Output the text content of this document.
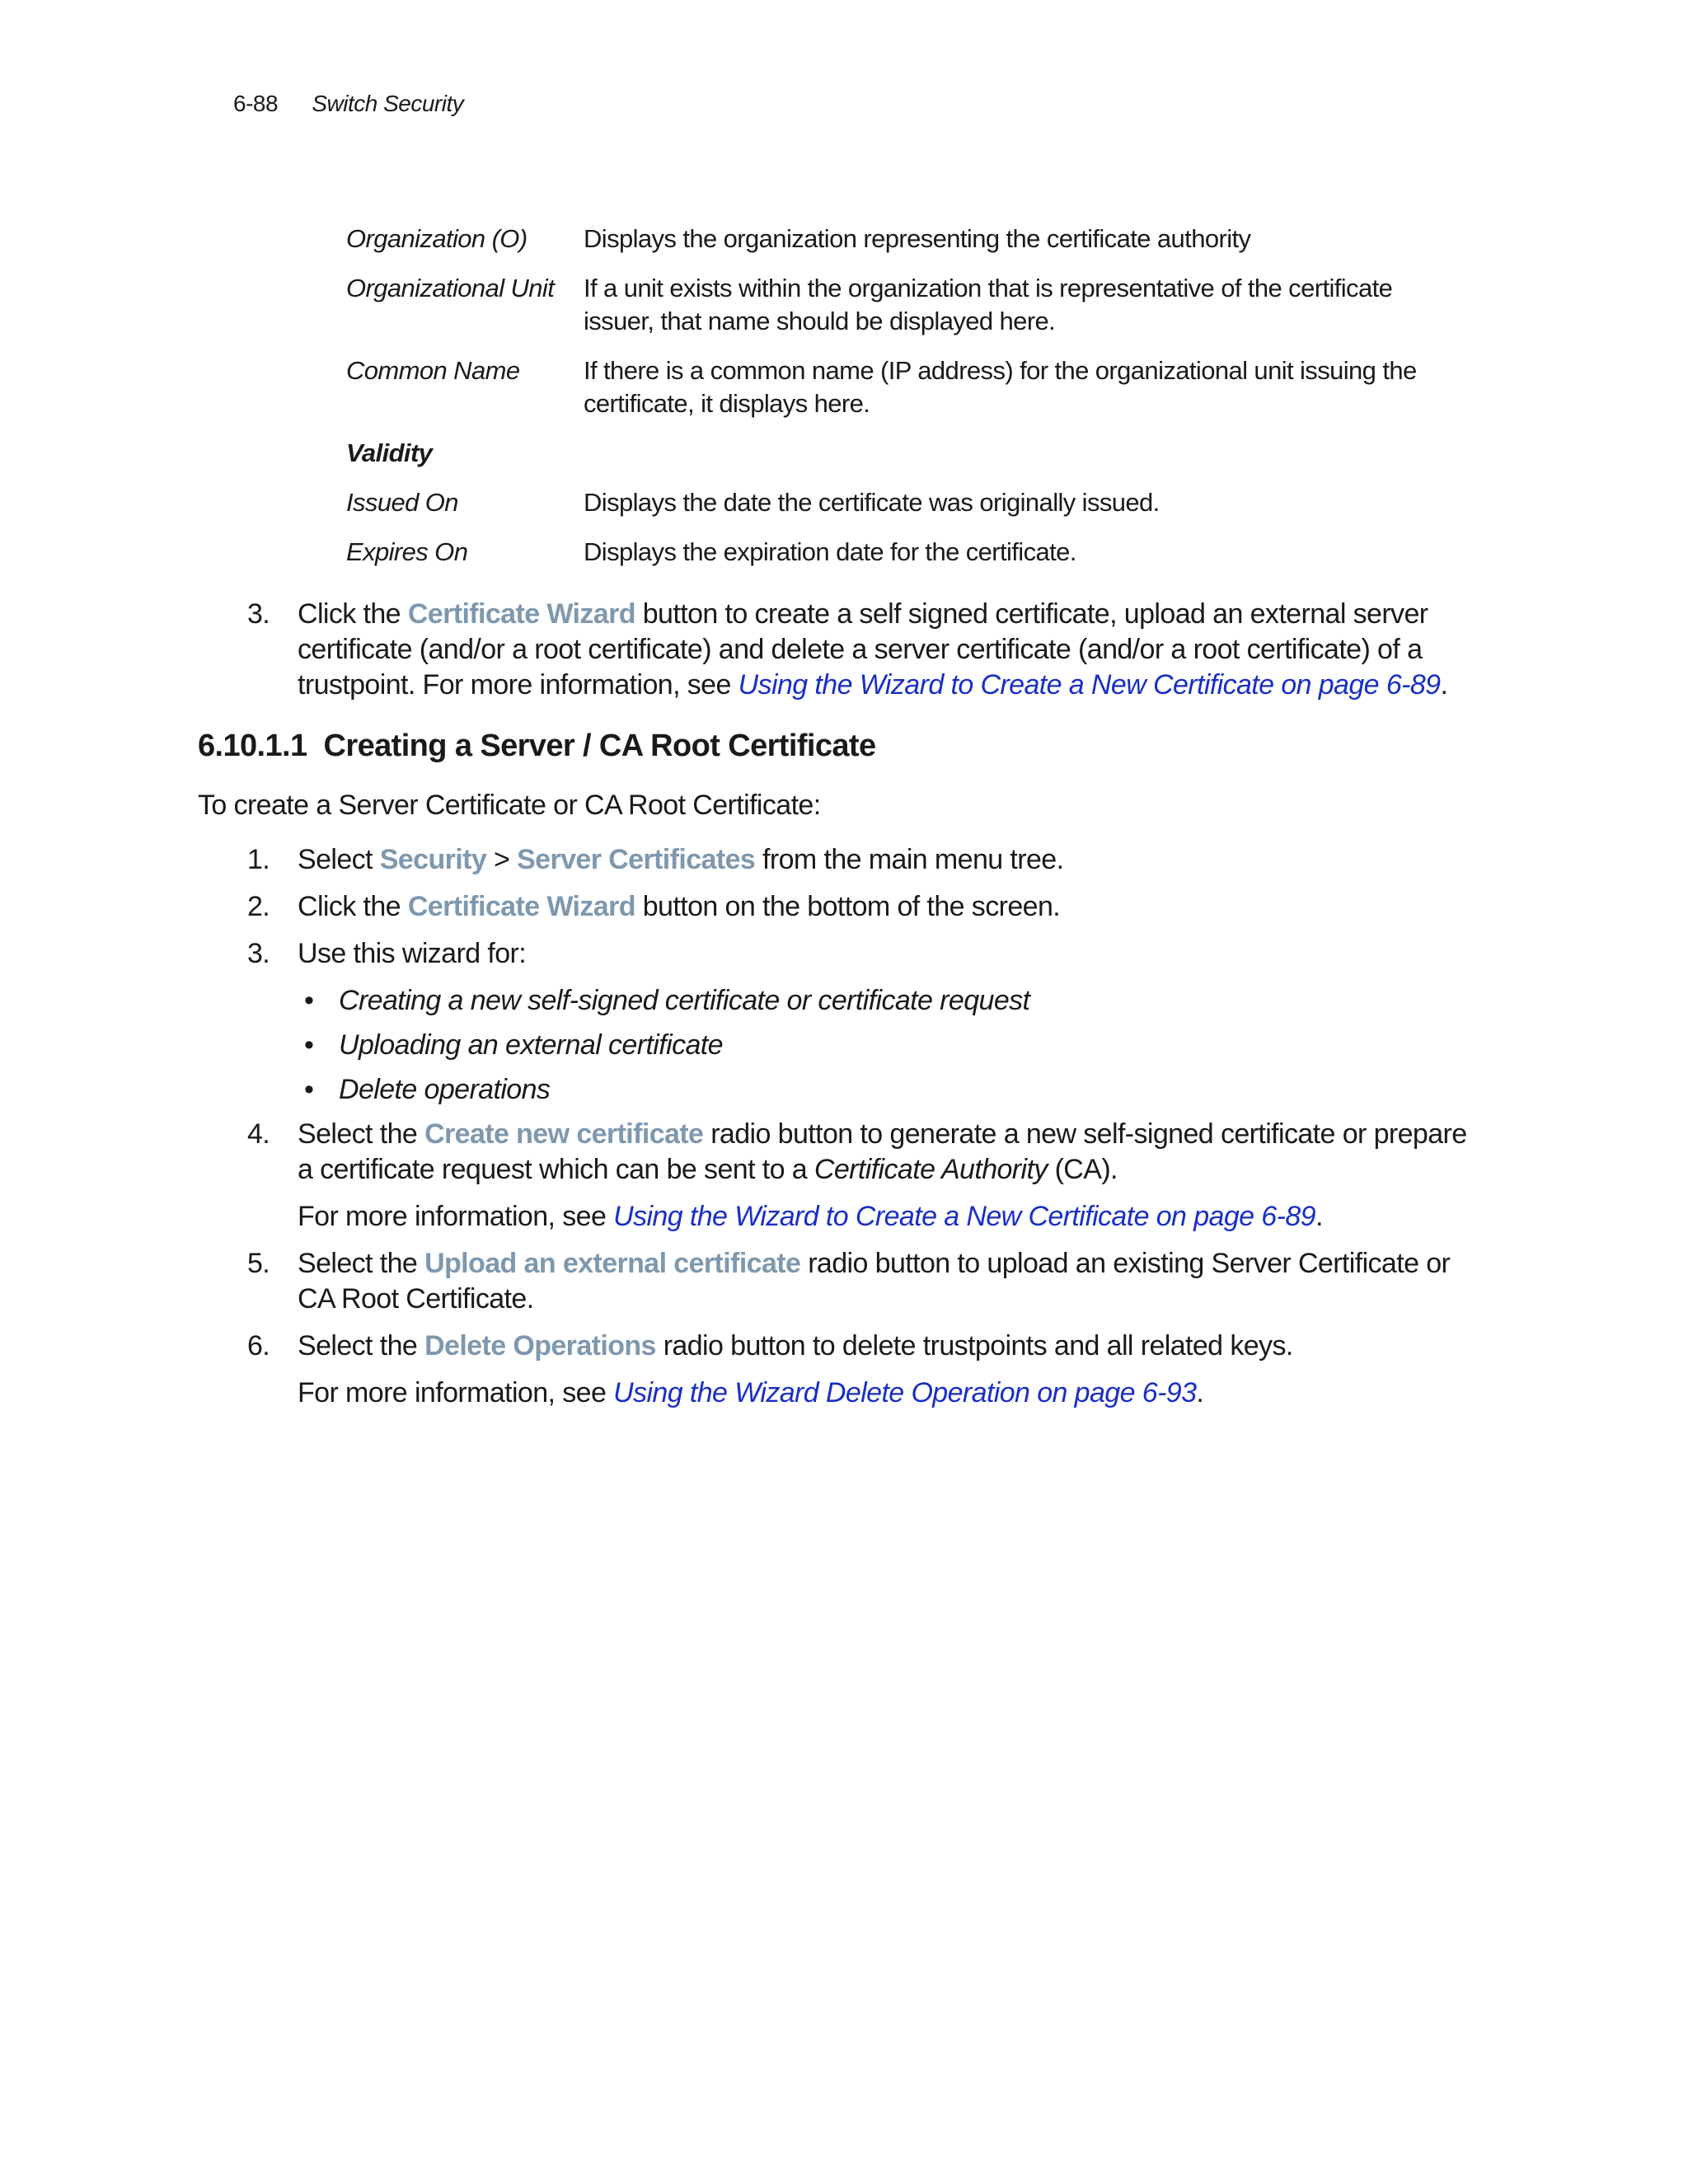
6-88 Switch Security
Organization (O)	Displays the organization representing the certificate authority
Organizational Unit	If a unit exists within the organization that is representative of the certificate issuer, that name should be displayed here.
Common Name	If there is a common name (IP address) for the organizational unit issuing the certificate, it displays here.
Validity
Issued On	Displays the date the certificate was originally issued.
Expires On	Displays the expiration date for the certificate.
3. Click the Certificate Wizard button to create a self signed certificate, upload an external server certificate (and/or a root certificate) and delete a server certificate (and/or a root certificate) of a trustpoint. For more information, see Using the Wizard to Create a New Certificate on page 6-89.
6.10.1.1 Creating a Server / CA Root Certificate
To create a Server Certificate or CA Root Certificate:
1. Select Security > Server Certificates from the main menu tree.
2. Click the Certificate Wizard button on the bottom of the screen.
3. Use this wizard for:
• Creating a new self-signed certificate or certificate request
• Uploading an external certificate
• Delete operations
4. Select the Create new certificate radio button to generate a new self-signed certificate or prepare a certificate request which can be sent to a Certificate Authority (CA).
For more information, see Using the Wizard to Create a New Certificate on page 6-89.
5. Select the Upload an external certificate radio button to upload an existing Server Certificate or CA Root Certificate.
6. Select the Delete Operations radio button to delete trustpoints and all related keys.
For more information, see Using the Wizard Delete Operation on page 6-93.
